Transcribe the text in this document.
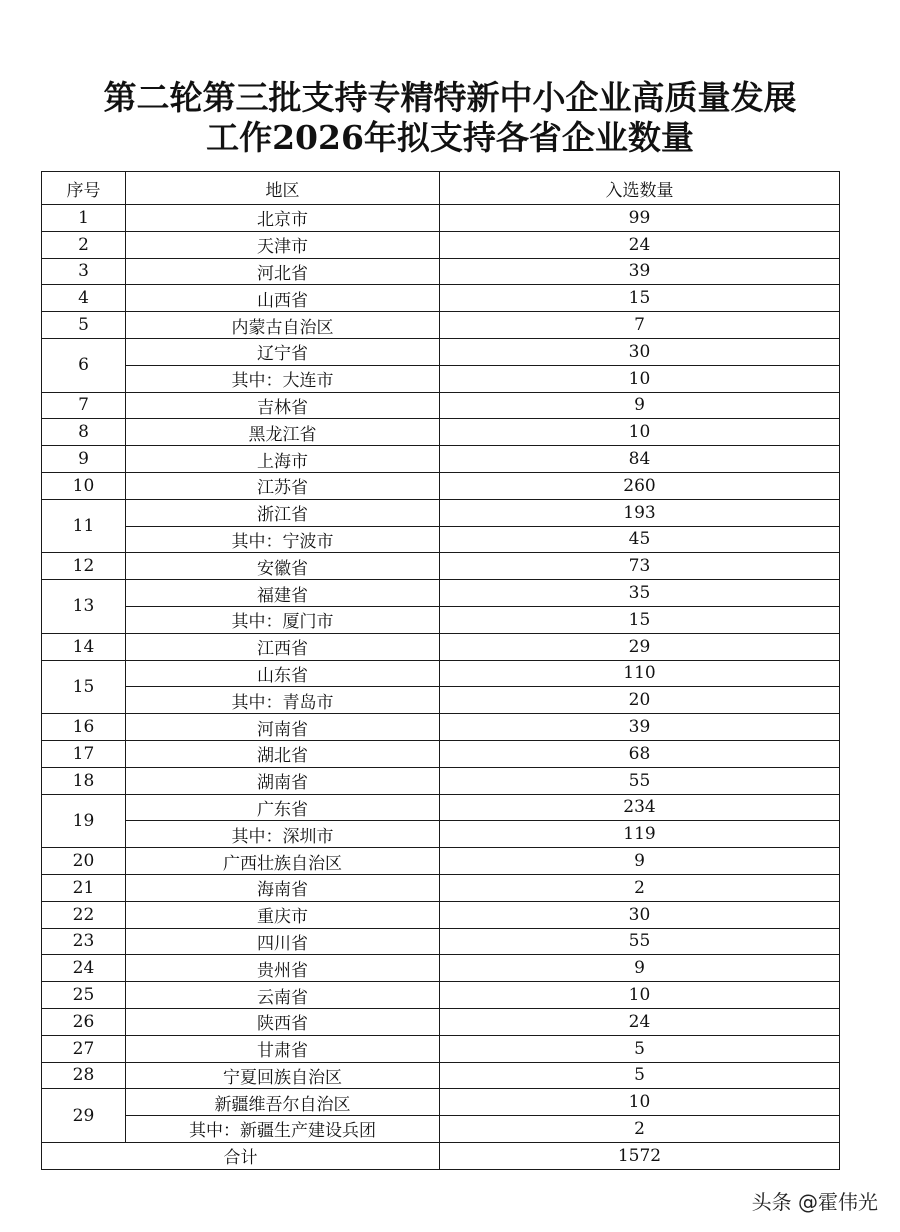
第二轮第三批支持专精特新中小企业高质量发展
工作2026年拟支持各省企业数量
序号	地区	入选数量
1	北京市	99
2	天津市	24
3	河北省	39
4	山西省	15
5	内蒙古自治区	7
6	辽宁省	30
	其中：大连市	10
7	吉林省	9
8	黑龙江省	10
9	上海市	84
10	江苏省	260
11	浙江省	193
	其中：宁波市	45
12	安徽省	73
13	福建省	35
	其中：厦门市	15
14	江西省	29
15	山东省	110
	其中：青岛市	20
16	河南省	39
17	湖北省	68
18	湖南省	55
19	广东省	234
	其中：深圳市	119
20	广西壮族自治区	9
21	海南省	2
22	重庆市	30
23	四川省	55
24	贵州省	9
25	云南省	10
26	陕西省	24
27	甘肃省	5
28	宁夏回族自治区	5
29	新疆维吾尔自治区	10
	其中：新疆生产建设兵团	2
合计		1572
头条 @霍伟光
